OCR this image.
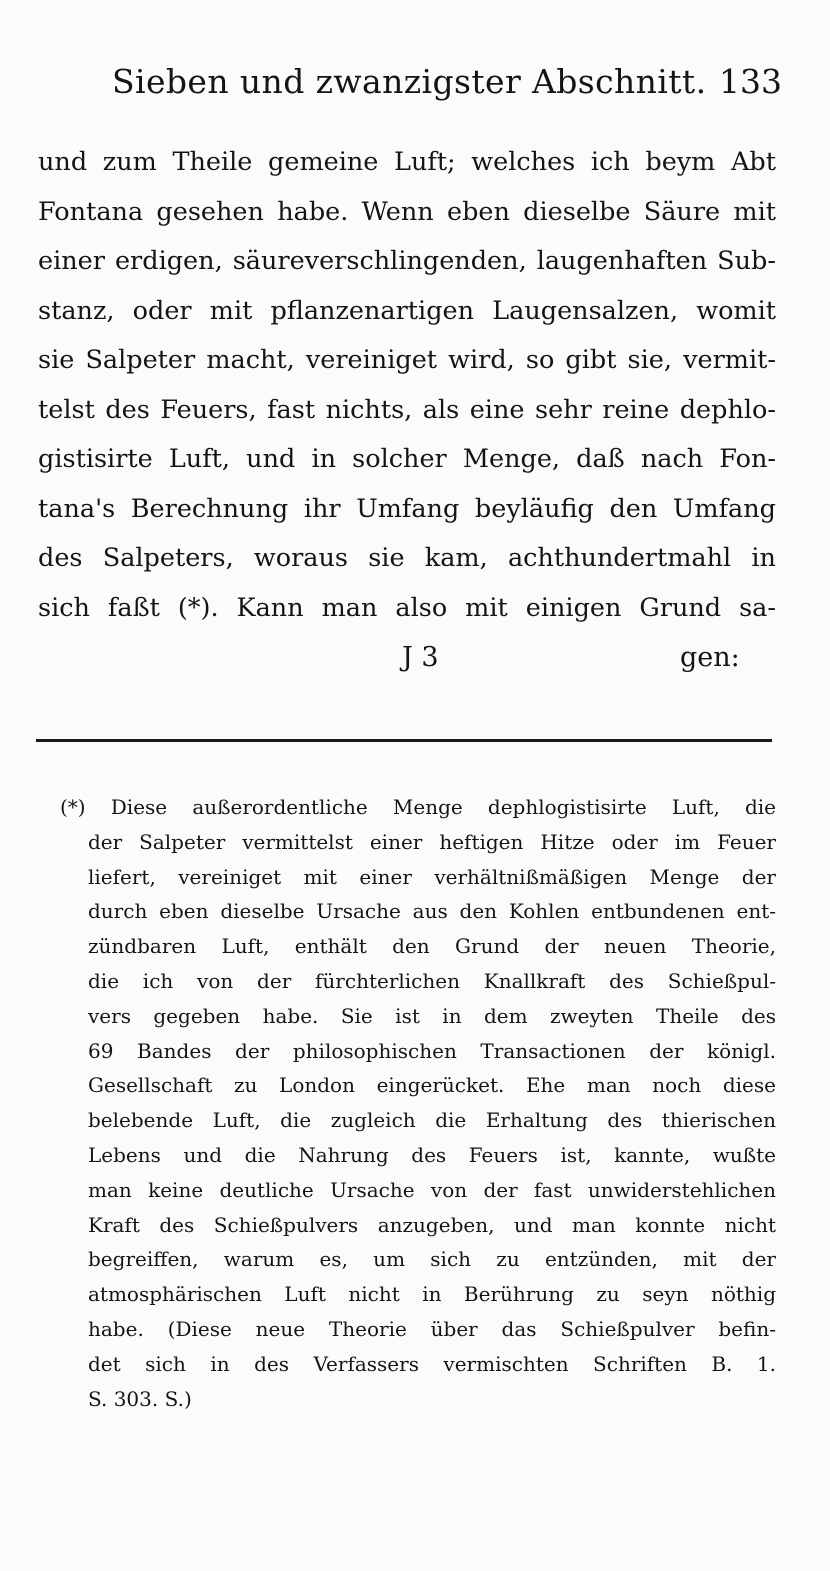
Sieben und zwanzigster Abschnitt. 133
und zum Theile gemeine Luft; welches ich beym Abt
Fontana gesehen habe. Wenn eben dieselbe Säure mit
einer erdigen, säureverschlingenden, laugenhaften Sub-
stanz, oder mit pflanzenartigen Laugensalzen, womit
sie Salpeter macht, vereiniget wird, so gibt sie, vermit-
telst des Feuers, fast nichts, als eine sehr reine dephlo-
gistisirte Luft, und in solcher Menge, daß nach Fon-
tana's Berechnung ihr Umfang beyläufig den Umfang
des Salpeters, woraus sie kam, achthundertmahl in
sich faßt (*). Kann man also mit einigen Grund sa-
J 3	gen:
(*) Diese außerordentliche Menge dephlogistisirte Luft, die
der Salpeter vermittelst einer heftigen Hitze oder im Feuer
liefert, vereiniget mit einer verhältnißmäßigen Menge der
durch eben dieselbe Ursache aus den Kohlen entbundenen ent-
zündbaren Luft, enthält den Grund der neuen Theorie,
die ich von der fürchterlichen Knallkraft des Schießpul-
vers gegeben habe. Sie ist in dem zweyten Theile des
69 Bandes der philosophischen Transactionen der königl.
Gesellschaft zu London eingerücket. Ehe man noch diese
belebende Luft, die zugleich die Erhaltung des thierischen
Lebens und die Nahrung des Feuers ist, kannte, wußte
man keine deutliche Ursache von der fast unwiderstehlichen
Kraft des Schießpulvers anzugeben, und man konnte nicht
begreiffen, warum es, um sich zu entzünden, mit der
atmosphärischen Luft nicht in Berührung zu seyn nöthig
habe. (Diese neue Theorie über das Schießpulver befin-
det sich in des Verfassers vermischten Schriften B. 1.
S. 303. S.)
